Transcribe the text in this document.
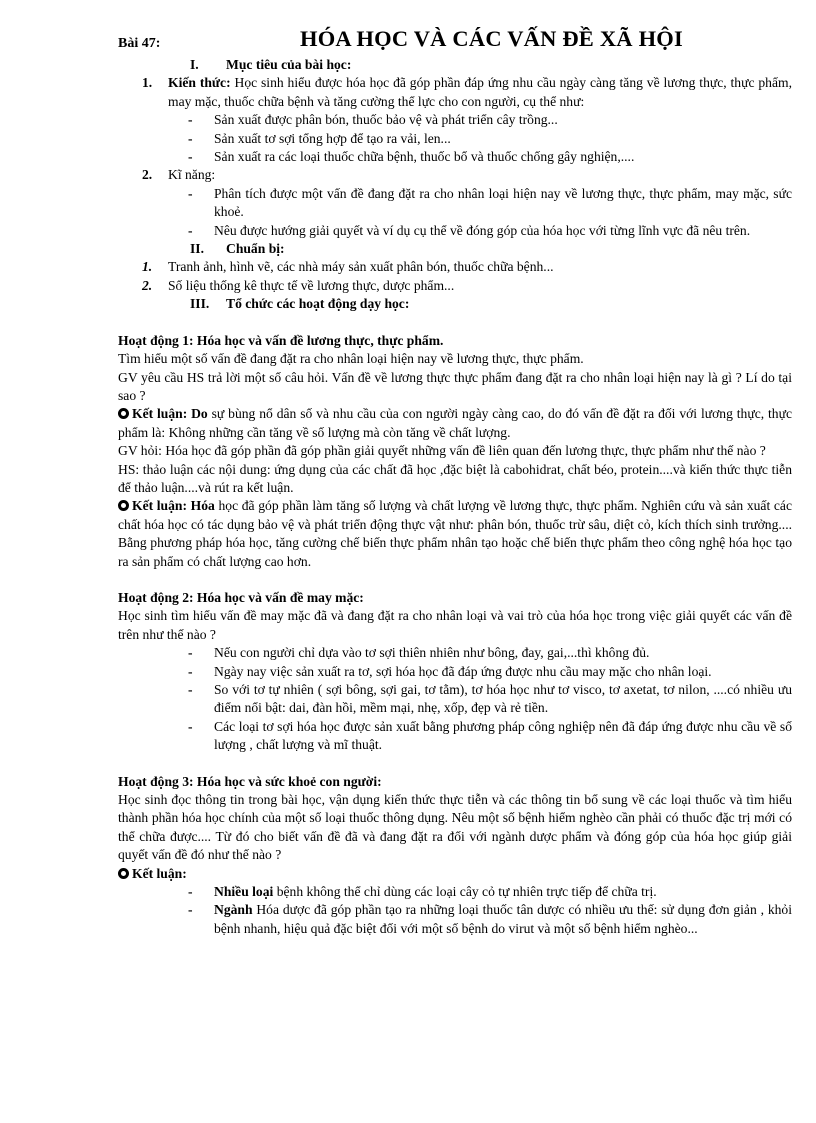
Bài 47:	HÓA HỌC VÀ CÁC VẤN ĐỀ XÃ HỘI
I.	Mục tiêu của bài học:
1.	Kiến thức: Học sinh hiểu được hóa học đã góp phần đáp ứng nhu cầu ngày càng tăng về lương thực, thực phẩm, may mặc, thuốc chữa bệnh và tăng cường thể lực cho con người, cụ thể như:
-	Sản xuất được phân bón, thuốc bảo vệ và phát triển cây trồng...
-	Sản xuất tơ sợi tổng hợp để tạo ra vải, len...
-	Sản xuất ra các loại thuốc chữa bệnh, thuốc bổ và thuốc chống gây nghiện,....
2.	Kĩ năng:
-	Phân tích được một vấn đề đang đặt ra cho nhân loại hiện nay về lương thực, thực phẩm, may mặc, sức khoẻ.
-	Nêu được hướng giải quyết và ví dụ cụ thể về đóng góp của hóa học với từng lĩnh vực đã nêu trên.
II.	Chuẩn bị:
1.	Tranh ảnh, hình vẽ, các nhà máy sản xuất phân bón, thuốc chữa bệnh...
2.	Số liệu thống kê thực tế về lương thực, dược phẩm...
III.	Tổ chức các hoạt động dạy học:

Hoạt động 1: Hóa học và vấn đề lương thực, thực phẩm.

Tìm hiểu một số vấn đề đang đặt ra cho nhân loại hiện nay về lương thực, thực phẩm.

GV yêu cầu HS trả lời một số câu hỏi. Vấn đề về lương thực thực phẩm đang đặt ra cho nhân loại hiện nay là gì ? Lí do tại sao ?

Kết luận: Do sự bùng nổ dân số và nhu cầu của con người ngày càng cao, do đó vấn đề đặt ra đối với lương thực, thực phẩm là: Không những cần tăng về số lượng mà còn tăng về chất lượng.

GV hỏi: Hóa học đã góp phần đã góp phần giải quyết những vấn đề liên quan đến lương thực, thực phẩm như thế nào ?

HS: thảo luận các nội dung: ứng dụng của các chất đã học ,đặc biệt là cabohidrat, chất béo, protein....và kiến thức thực tiễn để thảo luận....và rút ra kết luận.

Kết luận: Hóa học đã góp phần làm tăng số lượng và chất lượng về lương thực, thực phẩm. Nghiên cứu và sản xuất các chất hóa học có tác dụng bảo vệ và phát triển động thực vật như: phân bón, thuốc trừ sâu, diệt cỏ, kích thích sinh trưởng.... Bằng phương pháp hóa học, tăng cường chế biến thực phẩm nhân tạo hoặc chế biến thực phẩm theo công nghệ hóa học tạo ra sản phẩm có chất lượng cao hơn.

Hoạt động 2: Hóa học và vấn đề may mặc:

Học sinh tìm hiểu vấn đề may mặc đã và đang đặt ra cho nhân loại và vai trò của hóa học trong việc giải quyết các vấn đề trên như thế nào ?

-	Nếu con người chỉ dựa vào tơ sợi thiên nhiên như bông, đay, gai,...thì không đủ.
-	Ngày nay việc sản xuất ra tơ, sợi hóa học đã đáp ứng được nhu cầu may mặc cho nhân loại.
-	So với tơ tự nhiên ( sợi bông, sợi gai, tơ tằm), tơ hóa học như tơ visco, tơ axetat, tơ nilon, ....có nhiều ưu điểm nổi bật: dai, đàn hồi, mềm mại, nhẹ, xốp, đẹp và rẻ tiền.
-	Các loại tơ sợi hóa học được sản xuất bằng phương pháp công nghiệp nên đã đáp ứng được nhu cầu về số lượng , chất lượng và mĩ thuật.

Hoạt động 3: Hóa học và sức khoẻ con người:

Học sinh đọc thông tin trong bài học, vận dụng kiến thức thực tiễn và các thông tin bổ sung về các loại thuốc và tìm hiểu thành phần hóa học chính của một số loại thuốc thông dụng. Nêu một số bệnh hiểm nghèo cần phải có thuốc đặc trị mới có thể chữa được.... Từ đó cho biết vấn đề đã và đang đặt ra đối với ngành dược phẩm và đóng góp của hóa học giúp giải quyết vấn đề đó như thế nào ?

Kết luận:

-	Nhiều loại bệnh không thể chỉ dùng các loại cây cỏ tự nhiên trực tiếp để chữa trị.
-	Ngành Hóa dược đã góp phần tạo ra những loại thuốc tân dược có nhiều ưu thế: sử dụng đơn giản , khỏi bệnh nhanh, hiệu quả đặc biệt đối với một số bệnh do virut và một số bệnh hiểm nghèo...
